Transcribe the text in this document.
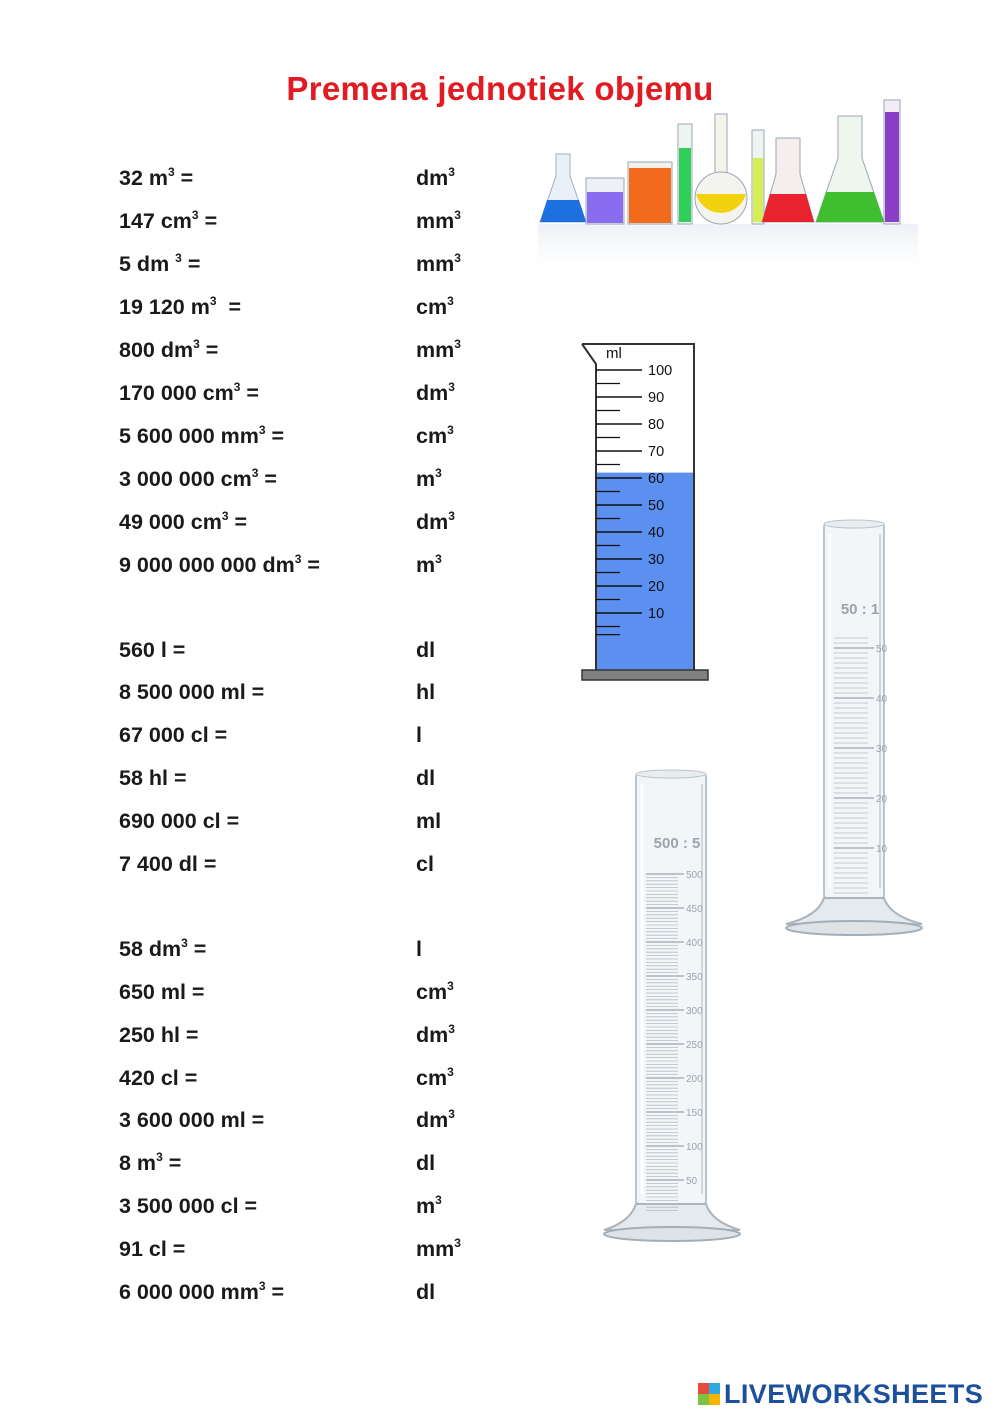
Premena jednotiek objemu
32 $m^3$ =	$dm^3$
147 $cm^3$ =	$mm^3$
5 dm $^3$ =	$mm^3$
19 120 $m^3$  =	$cm^3$
800 $dm^3$ =	$mm^3$
170 000 $cm^3$ =	$dm^3$
5 600 000 $mm^3$ =	$cm^3$
3 000 000 $cm^3$ =	$m^3$
49 000 $cm^3$ =	$dm^3$
9 000 000 000 $dm^3$ =	$m^3$
560 l =	dl
8 500 000 ml =	hl
67 000 cl =	l
58 hl =	dl
690 000 cl =	ml
7 400 dl =	cl
58 $dm^3$ =	l
650 ml =	$cm^3$
250 hl =	$dm^3$
420 cl =	$cm^3$
3 600 000 ml =	$dm^3$
8 $m^3$ =	dl
3 500 000 cl =	$m^3$
91 cl =	$mm^3$
6 000 000 $mm^3$ =	dl
ml
100
90
80
70
60
50
40
30
20
10	50 : 1
50
40
30
20
10
500 : 5
500
450
400
350
300
250
200
150
100
50
LIVEWORKSHEETS
